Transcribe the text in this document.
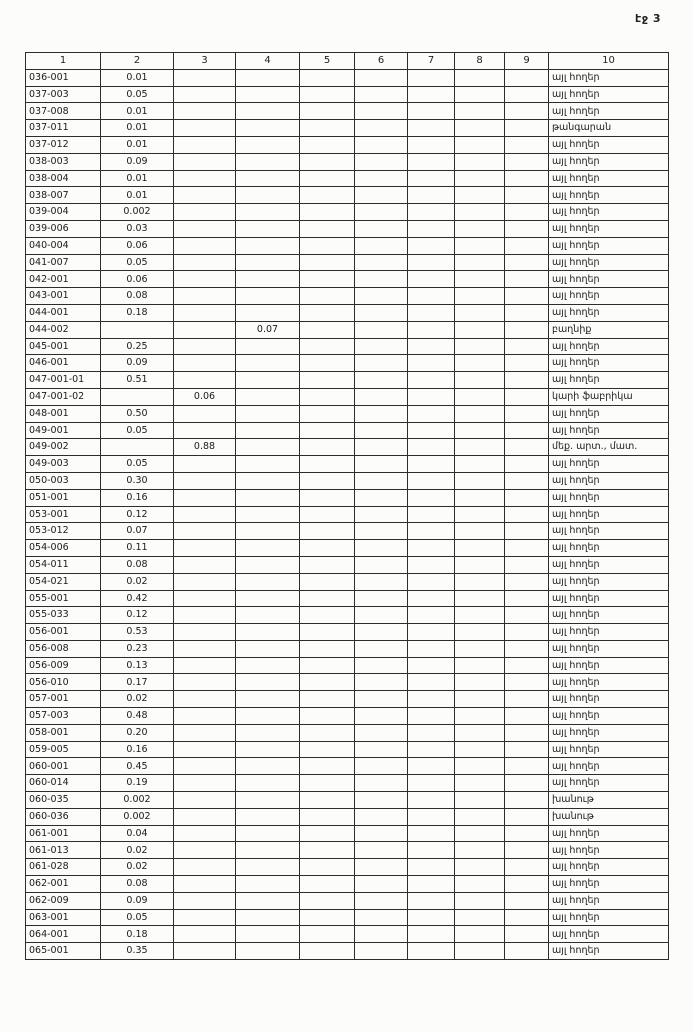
էջ 3
1	2	3	4	5	6	7	8	9	10
036-001	0.01								այլ հողեր
037-003	0.05								այլ հողեր
037-008	0.01								այլ հողեր
037-011	0.01								թանգարան
037-012	0.01								այլ հողեր
038-003	0.09								այլ հողեր
038-004	0.01								այլ հողեր
038-007	0.01								այլ հողեր
039-004	0.002								այլ հողեր
039-006	0.03								այլ հողեր
040-004	0.06								այլ հողեր
041-007	0.05								այլ հողեր
042-001	0.06								այլ հողեր
043-001	0.08								այլ հողեր
044-001	0.18								այլ հողեր
044-002			0.07						բաղնիք
045-001	0.25								այլ հողեր
046-001	0.09								այլ հողեր
047-001-01	0.51								այլ հողեր
047-001-02		0.06							կարի ֆաբրիկա
048-001	0.50								այլ հողեր
049-001	0.05								այլ հողեր
049-002		0.88							մեք. արտ., մատ.
049-003	0.05								այլ հողեր
050-003	0.30								այլ հողեր
051-001	0.16								այլ հողեր
053-001	0.12								այլ հողեր
053-012	0.07								այլ հողեր
054-006	0.11								այլ հողեր
054-011	0.08								այլ հողեր
054-021	0.02								այլ հողեր
055-001	0.42								այլ հողեր
055-033	0.12								այլ հողեր
056-001	0.53								այլ հողեր
056-008	0.23								այլ հողեր
056-009	0.13								այլ հողեր
056-010	0.17								այլ հողեր
057-001	0.02								այլ հողեր
057-003	0.48								այլ հողեր
058-001	0.20								այլ հողեր
059-005	0.16								այլ հողեր
060-001	0.45								այլ հողեր
060-014	0.19								այլ հողեր
060-035	0.002								խանութ
060-036	0.002								խանութ
061-001	0.04								այլ հողեր
061-013	0.02								այլ հողեր
061-028	0.02								այլ հողեր
062-001	0.08								այլ հողեր
062-009	0.09								այլ հողեր
063-001	0.05								այլ հողեր
064-001	0.18								այլ հողեր
065-001	0.35								այլ հողեր
